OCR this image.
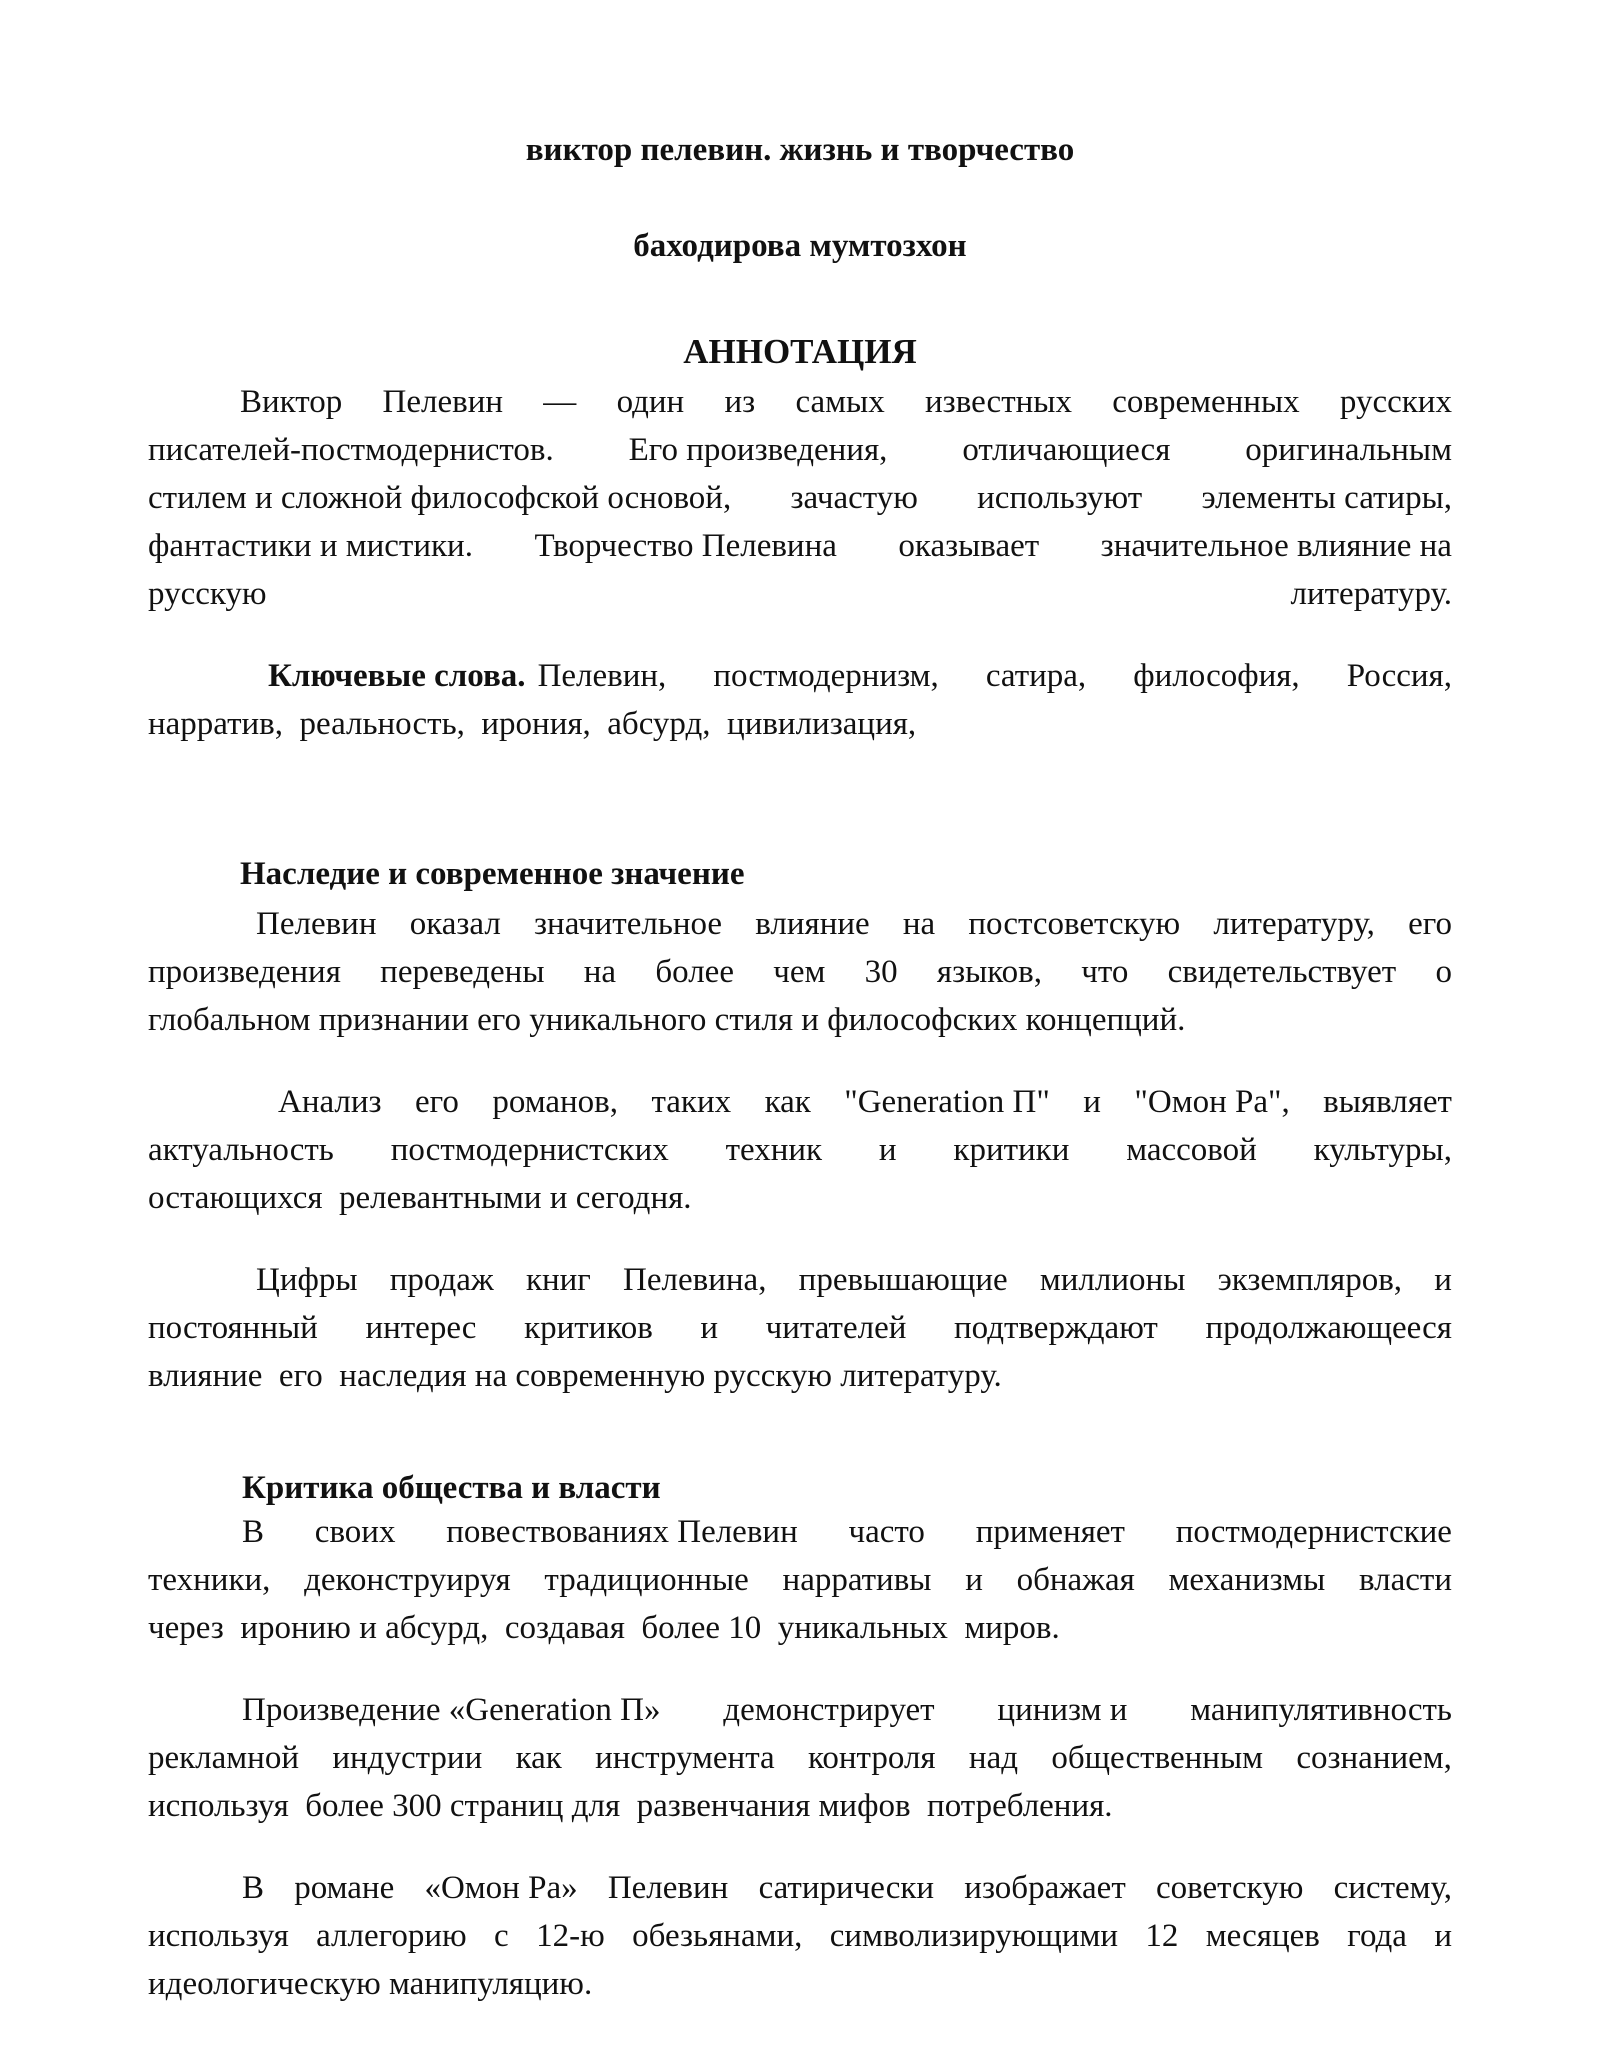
виктор пелевин. жизнь и творчество
баходирова мумтозхон
АННОТАЦИЯ
Виктор Пелевин — один из самых известных современных русских
писателей-постмодернистов. Его произведения, отличающиеся оригинальным
стилем и сложной философской основой, зачастую используют элементы сатиры,
фантастики и мистики. Творчество Пелевина оказывает значительное влияние на
русскую	литературу.
Ключевые слова. Пелевин, постмодернизм, сатира, философия, Россия,
нарратив,  реальность,  ирония,  абсурд,  цивилизация,
Наследие и современное значение
Пелевин оказал значительное влияние на постсоветскую литературу, его
произведения переведены на более чем 30 языков, что свидетельствует о
глобальном признании его уникального стиля и философских концепций.
Анализ его романов, таких как "Generation П" и "Омон Ра", выявляет
актуальность постмодернистских техник и критики массовой культуры,
остающихся  релевантными и сегодня.
Цифры продаж книг Пелевина, превышающие миллионы экземпляров, и
постоянный интерес критиков и читателей подтверждают продолжающееся
влияние  его  наследия на современную русскую литературу.
Критика общества и власти
В своих повествованиях Пелевин часто применяет постмодернистские
техники, деконструируя традиционные нарративы и обнажая механизмы власти
через  иронию и абсурд,  создавая  более 10  уникальных  миров.
Произведение «Generation П» демонстрирует цинизм и манипулятивность
рекламной индустрии как инструмента контроля над общественным сознанием,
используя  более 300 страниц для  развенчания мифов  потребления.
В романе «Омон Ра» Пелевин сатирически изображает советскую систему,
используя аллегорию с 12-ю обезьянами, символизирующими 12 месяцев года и
идеологическую манипуляцию.
